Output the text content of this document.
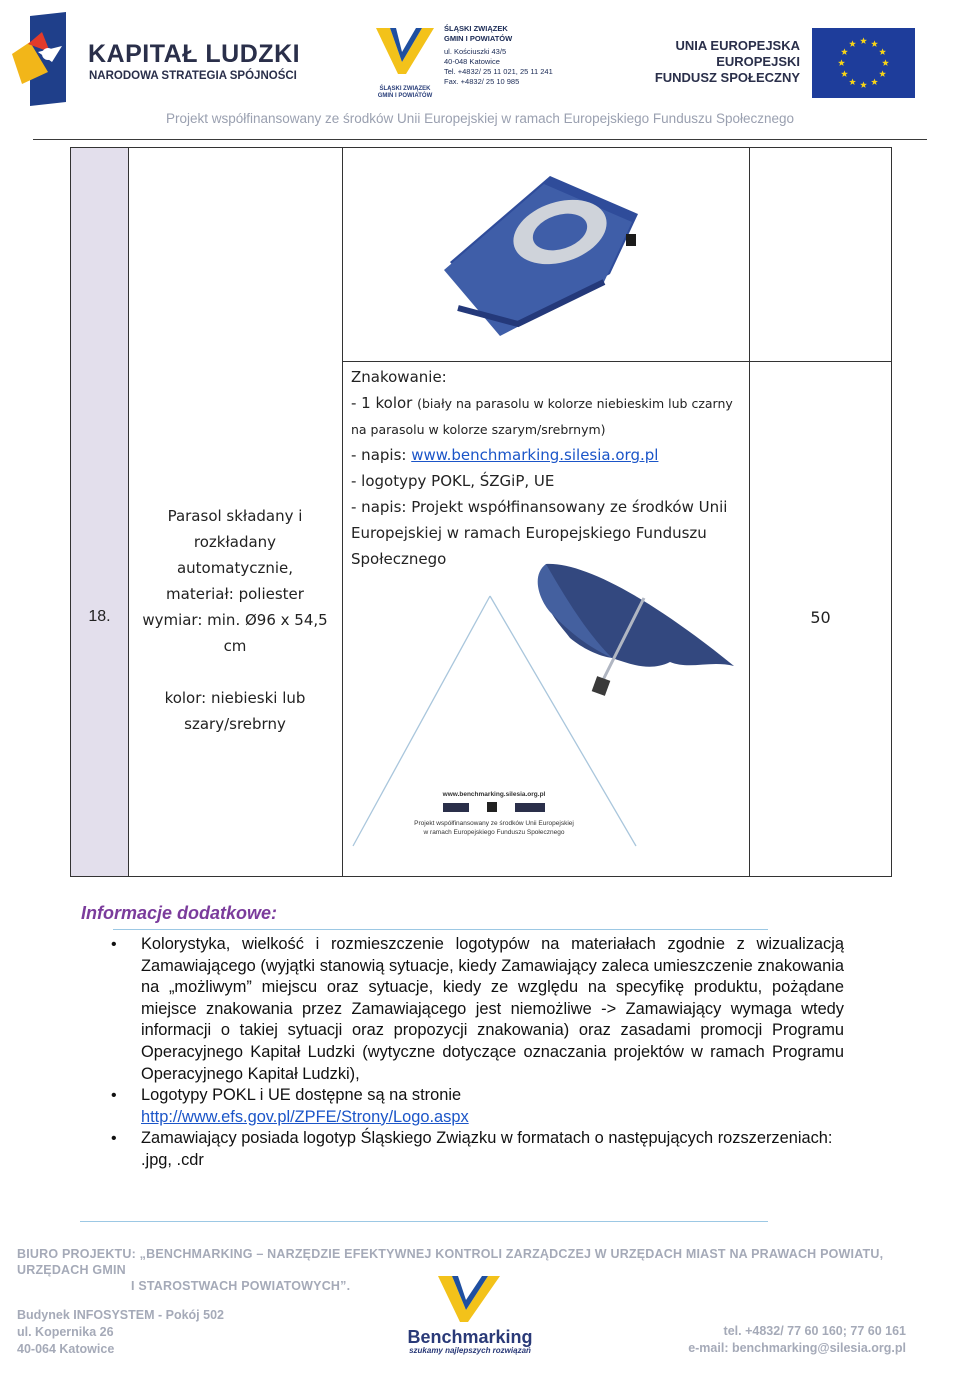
KAPITAŁ LUDZKI
NARODOWA STRATEGIA SPÓJNOŚCI
ŚLĄSKI ZWIĄZEK
GMIN I POWIATÓW
ŚLĄSKI ZWIĄZEK
GMIN I POWIATÓW
ul. Kościuszki 43/5
40-048 Katowice
Tel. +4832/ 25 11 021, 25 11 241
Fax. +4832/ 25 10 985
UNIA EUROPEJSKA
EUROPEJSKI
FUNDUSZ SPOŁECZNY
Projekt współfinansowany ze środków Unii Europejskiej w ramach Europejskiego Funduszu Społecznego
18.
Parasol składany i
rozkładany
automatycznie,
materiał: poliester
wymiar: min. Ø96 x 54,5
cm
kolor: niebieski lub
szary/srebrny
Znakowanie:
- 1 kolor (biały na parasolu w kolorze niebieskim lub czarny na parasolu w kolorze szarym/srebrnym)
- napis: www.benchmarking.silesia.org.pl
- logotypy POKL, ŚZGiP, UE
- napis: Projekt współfinansowany ze środków Unii Europejskiej w ramach Europejskiego Funduszu Społecznego
www.benchmarking.silesia.org.pl

Projekt współfinansowany ze środków Unii Europejskiej
w ramach Europejskiego Funduszu Społecznego
50
Informacje dodatkowe:
• Kolorystyka, wielkość i rozmieszczenie logotypów na materiałach zgodnie z wizualizacją Zamawiającego (wyjątki stanowią sytuacje, kiedy Zamawiający zaleca umieszczenie znakowania na „możliwym” miejscu oraz sytuacje, kiedy ze względu na specyfikę produktu, pożądane miejsce znakowania przez Zamawiającego jest niemożliwe -> Zamawiający wymaga wtedy informacji o takiej sytuacji oraz propozycji znakowania) oraz zasadami promocji Programu Operacyjnego Kapitał Ludzki (wytyczne dotyczące oznaczania projektów w ramach Programu Operacyjnego Kapitał Ludzki),
• Logotypy POKL i UE dostępne są na stronie
http://www.efs.gov.pl/ZPFE/Strony/Logo.aspx
• Zamawiający posiada logotyp Śląskiego Związku w formatach o następujących rozszerzeniach: .jpg, .cdr
BIURO PROJEKTU: „BENCHMARKING – NARZĘDZIE EFEKTYWNEJ KONTROLI ZARZĄDCZEJ W URZĘDACH MIAST NA PRAWACH POWIATU, URZĘDACH GMIN
I STAROSTWACH POWIATOWYCH”.
Budynek INFOSYSTEM - Pokój 502
ul. Kopernika 26
40-064 Katowice
Benchmarking
szukamy najlepszych rozwiązań
tel. +4832/ 77 60 160; 77 60 161
e-mail: benchmarking@silesia.org.pl
